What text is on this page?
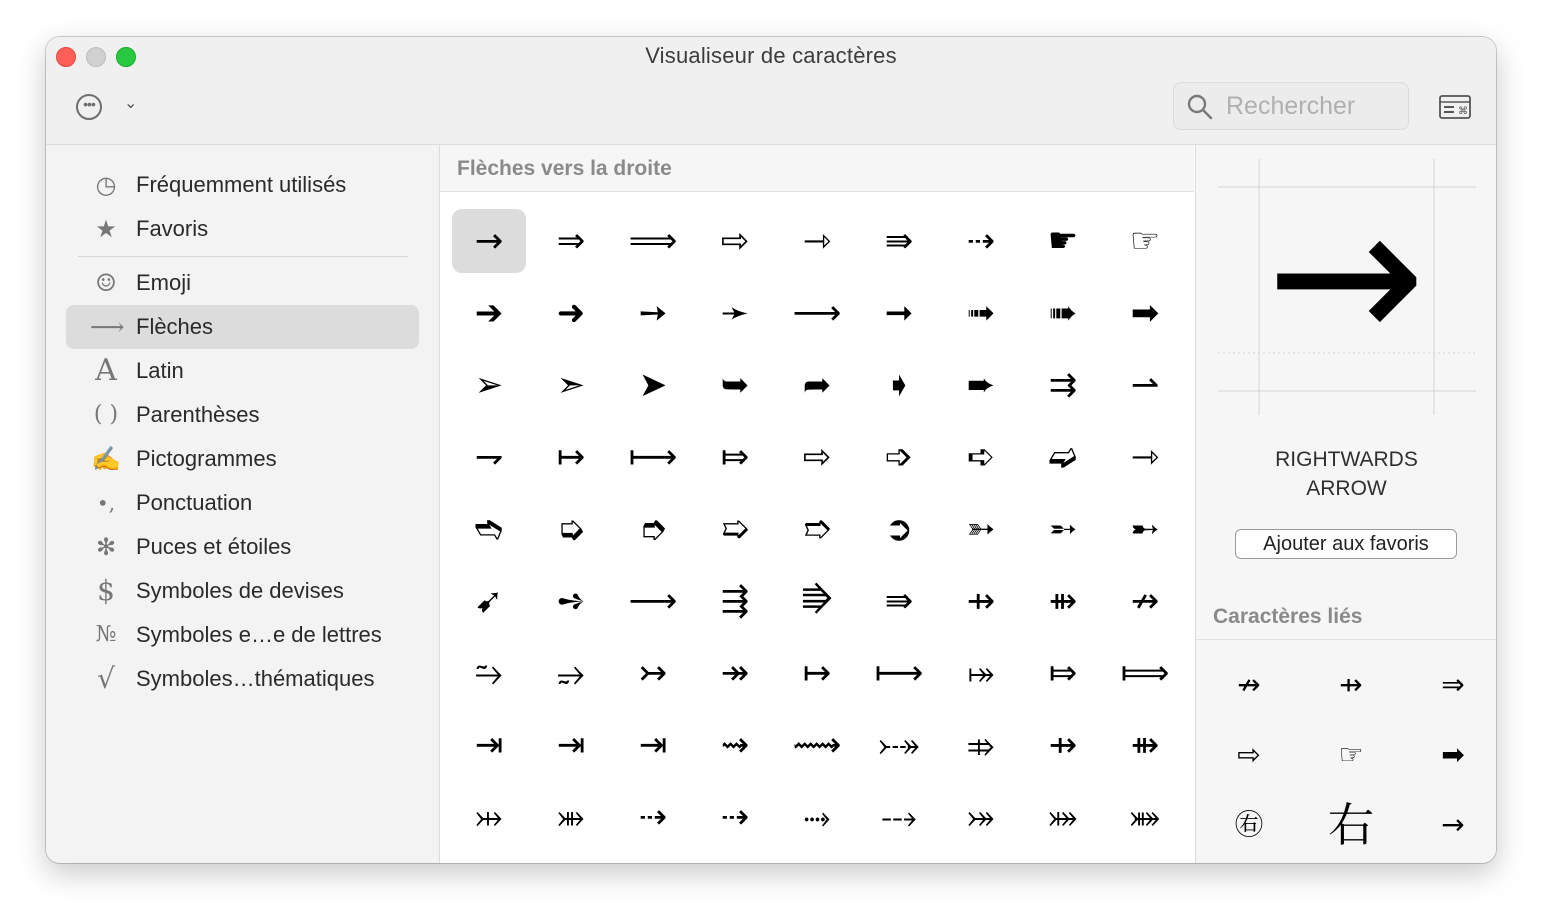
Visualiseur de caractères
•••	⌄	Rechercher	⌘
◷ Fréquemment utilisés
★ Favoris
☺ Emoji
⟶ Flèches
A Latin
( ) Parenthèses
✍ Pictogrammes
•, Ponctuation
✻ Puces et étoiles
$ Symboles de devises
№ Symboles e…e de lettres
√ Symboles…thématiques
Flèches vers la droite
→	⇒	⟹	⇨	⇾	⇛	⇢	☛	☞
➔	➜	➙	➛	⟶	➞	➟	➠	➡
➢	➣	➤	➥	➦	➧	➨	⇉	⇀
⇁	↦	⟼	⤇	⇨	➩	➪	➫	⇾
➬	➭	➮	➯	➱	➲	➳	➵	➸
➹	➺	⟶	⇶	⭆	⇛	⇸	⇻	↛
⥲	⥴	↣	↠	↦	⟼	⤅	⤇	⟾
⇥	⇥	⇥	⇝	⟿	⤐	⤃	⇸	⇻
⤔	⤕	⇢	⇢	⤑	⤏	⤖	⤗	⤘
→
RIGHTWARDS
ARROW
Ajouter aux favoris
Caractères liés
↛	⇸	⇒
⇨	☞	➡
㊨	右	→
